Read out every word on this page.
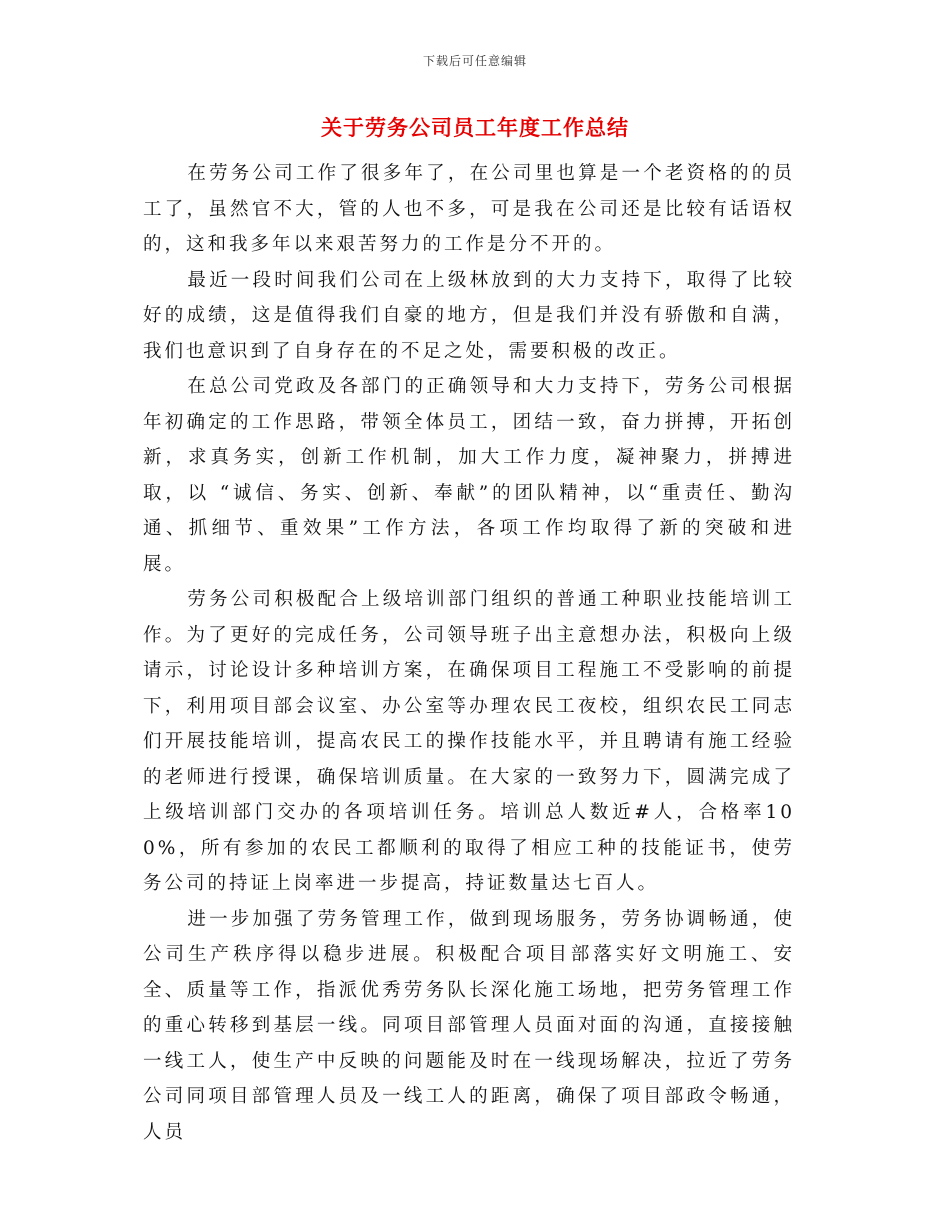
下载后可任意编辑
关于劳务公司员工年度工作总结

在劳务公司工作了很多年了，在公司里也算是一个老资格的的员工了，虽然官不大，管的人也不多，可是我在公司还是比较有话语权的，这和我多年以来艰苦努力的工作是分不开的。

最近一段时间我们公司在上级林放到的大力支持下，取得了比较好的成绩，这是值得我们自豪的地方，但是我们并没有骄傲和自满，我们也意识到了自身存在的不足之处，需要积极的改正。

在总公司党政及各部门的正确领导和大力支持下，劳务公司根据年初确定的工作思路，带领全体员工，团结一致，奋力拼搏，开拓创新，求真务实，创新工作机制，加大工作力度，凝神聚力，拼搏进取，以 “诚信、务实、创新、奉献”的团队精神，以“重责任、勤沟通、抓细节、重效果”工作方法，各项工作均取得了新的突破和进展。

劳务公司积极配合上级培训部门组织的普通工种职业技能培训工作。为了更好的完成任务，公司领导班子出主意想办法，积极向上级请示，讨论设计多种培训方案，在确保项目工程施工不受影响的前提下，利用项目部会议室、办公室等办理农民工夜校，组织农民工同志们开展技能培训，提高农民工的操作技能水平，并且聘请有施工经验的老师进行授课，确保培训质量。在大家的一致努力下，圆满完成了上级培训部门交办的各项培训任务。培训总人数近#人，合格率100%，所有参加的农民工都顺利的取得了相应工种的技能证书，使劳务公司的持证上岗率进一步提高，持证数量达七百人。

进一步加强了劳务管理工作，做到现场服务，劳务协调畅通，使公司生产秩序得以稳步进展。积极配合项目部落实好文明施工、安全、质量等工作，指派优秀劳务队长深化施工场地，把劳务管理工作的重心转移到基层一线。同项目部管理人员面对面的沟通，直接接触一线工人，使生产中反映的问题能及时在一线现场解决，拉近了劳务公司同项目部管理人员及一线工人的距离，确保了项目部政令畅通，人员
